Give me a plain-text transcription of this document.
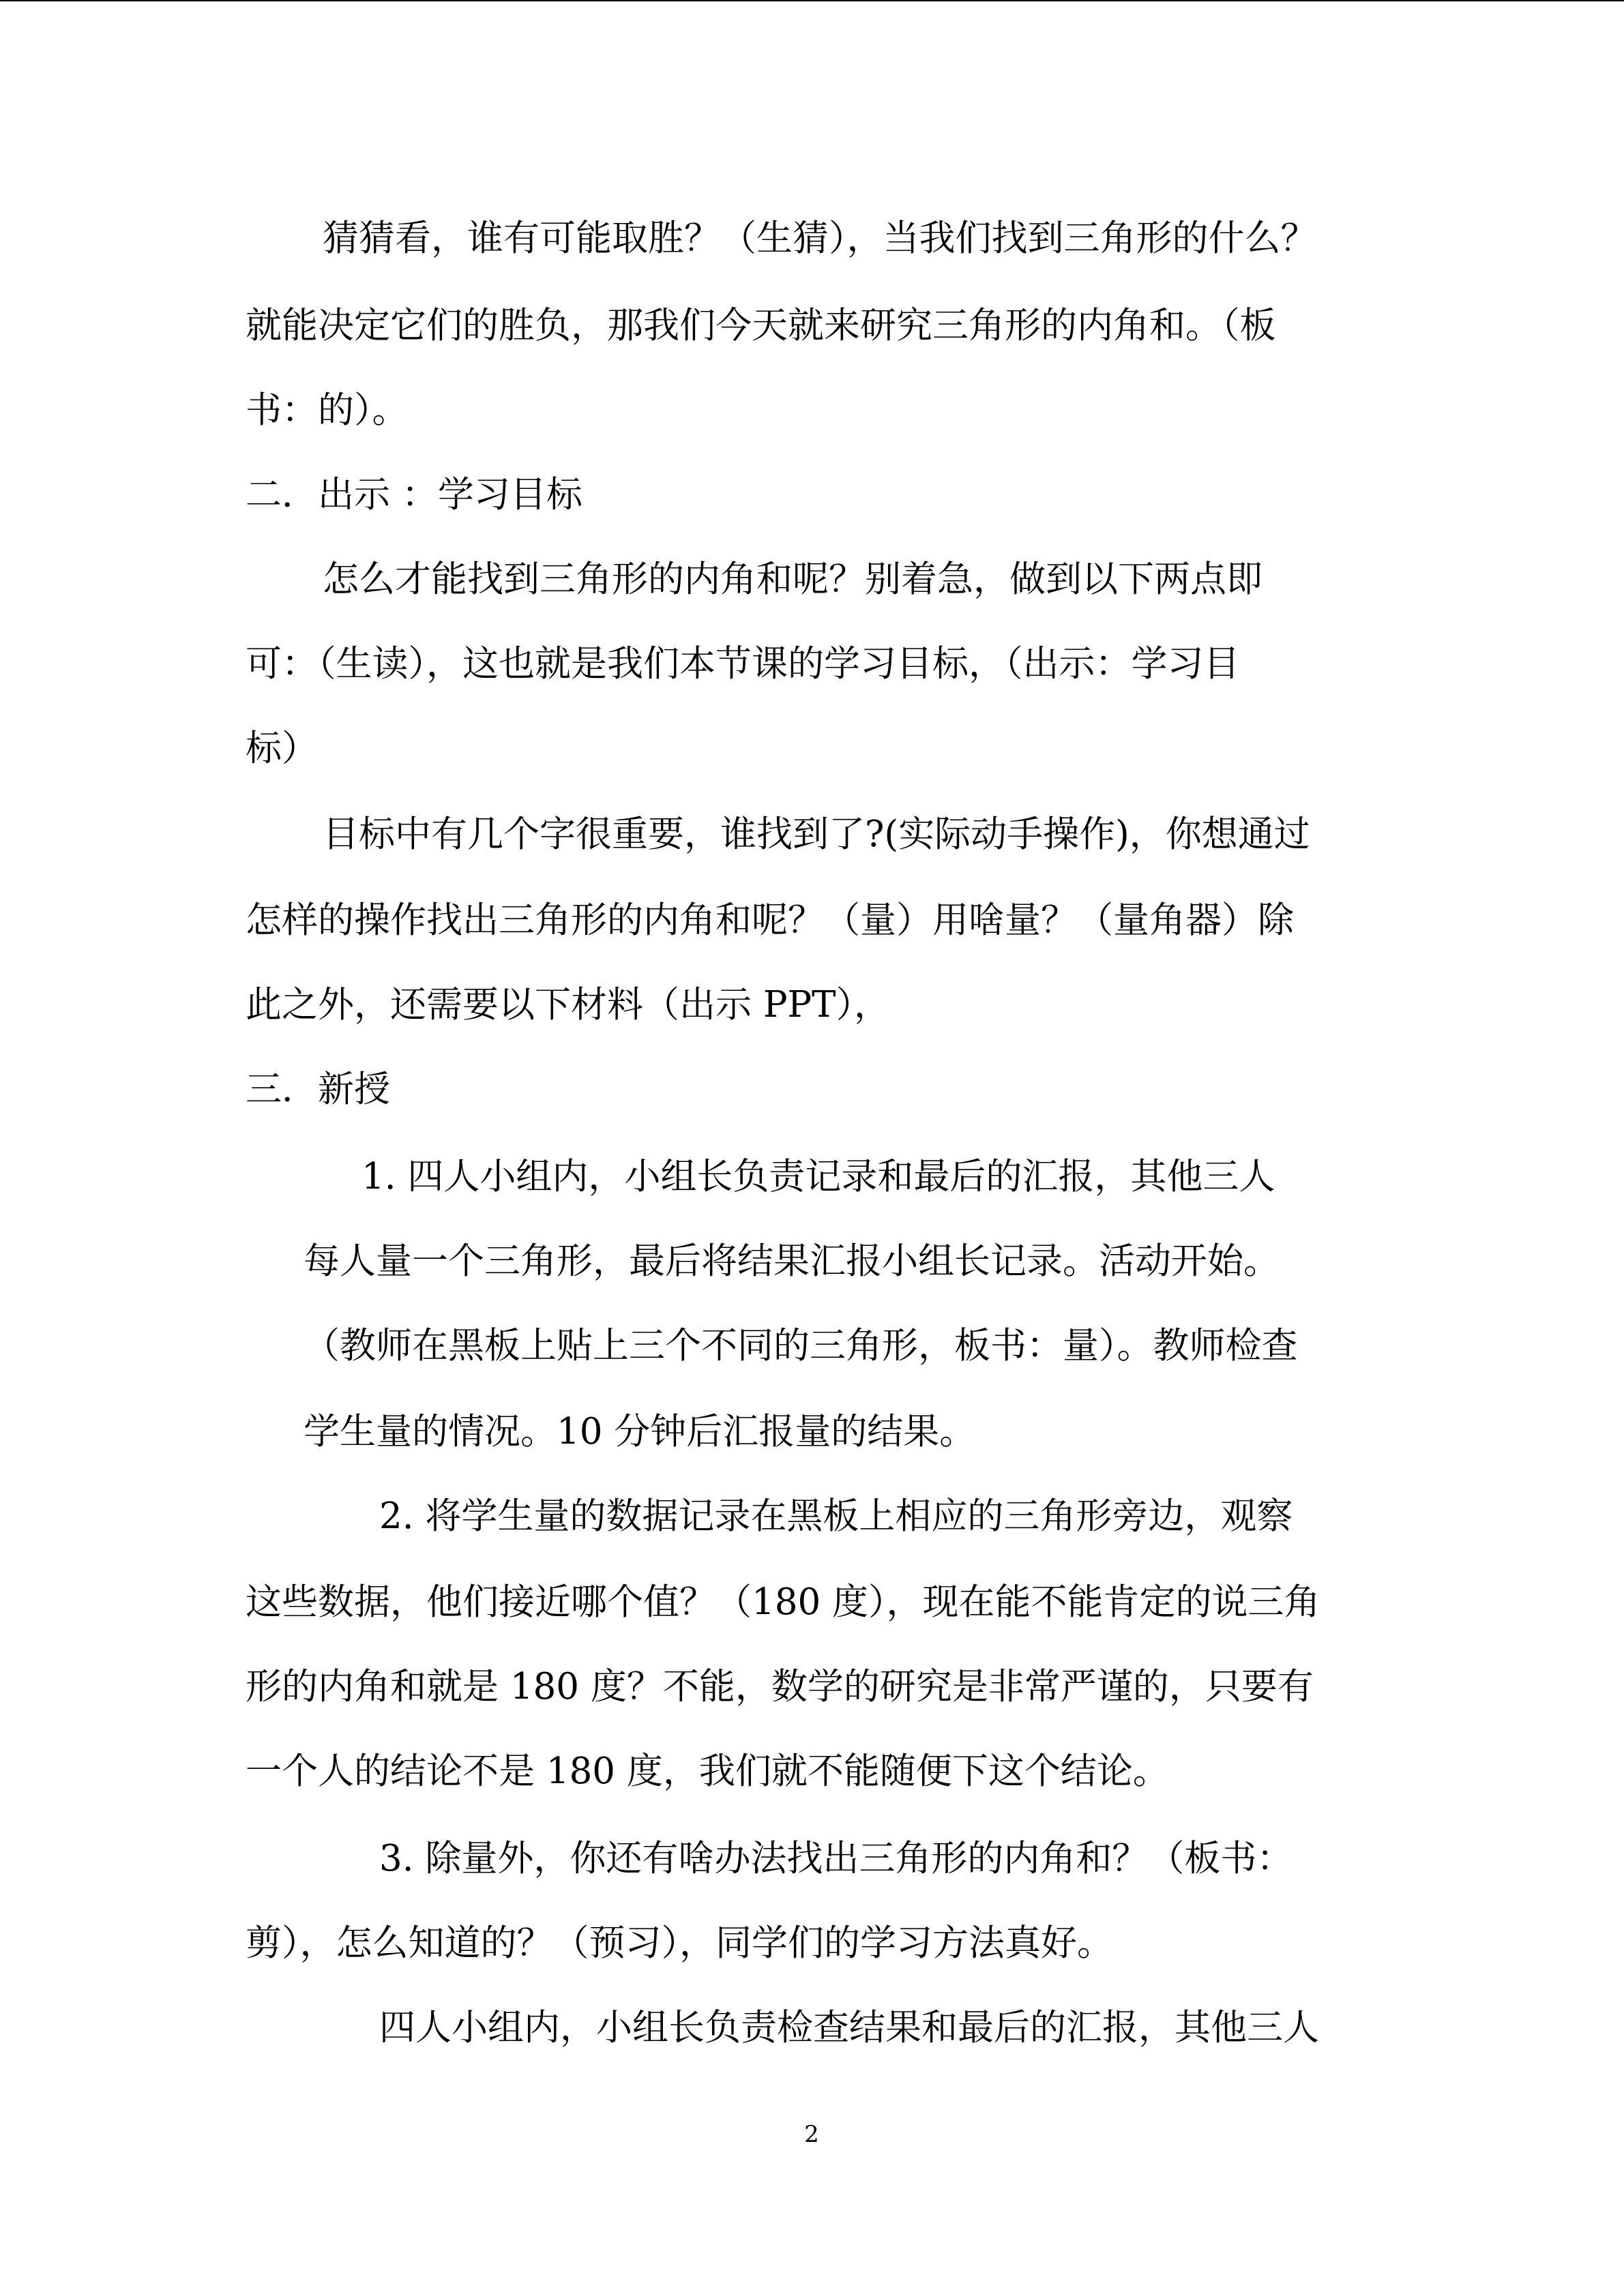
猜猜看，谁有可能取胜？（生猜），当我们找到三角形的什么？
就能决定它们的胜负，那我们今天就来研究三角形的内角和。（板
书：的）。
二．出示 ：学习目标
怎么才能找到三角形的内角和呢？别着急，做到以下两点即
可：（生读），这也就是我们本节课的学习目标，（出示：学习目
标）
目标中有几个字很重要，谁找到了?(实际动手操作)，你想通过
怎样的操作找出三角形的内角和呢？（量）用啥量？（量角器）除
此之外，还需要以下材料（出示 PPT），
三．新授
1. 四人小组内，小组长负责记录和最后的汇报，其他三人
每人量一个三角形，最后将结果汇报小组长记录。活动开始。
（教师在黑板上贴上三个不同的三角形，板书：量）。教师检查
学生量的情况。10 分钟后汇报量的结果。
2. 将学生量的数据记录在黑板上相应的三角形旁边，观察
这些数据，他们接近哪个值？（180 度），现在能不能肯定的说三角
形的内角和就是 180 度？不能，数学的研究是非常严谨的，只要有
一个人的结论不是 180 度，我们就不能随便下这个结论。
3. 除量外，你还有啥办法找出三角形的内角和？（板书：
剪），怎么知道的？（预习），同学们的学习方法真好。
四人小组内，小组长负责检查结果和最后的汇报，其他三人
2
